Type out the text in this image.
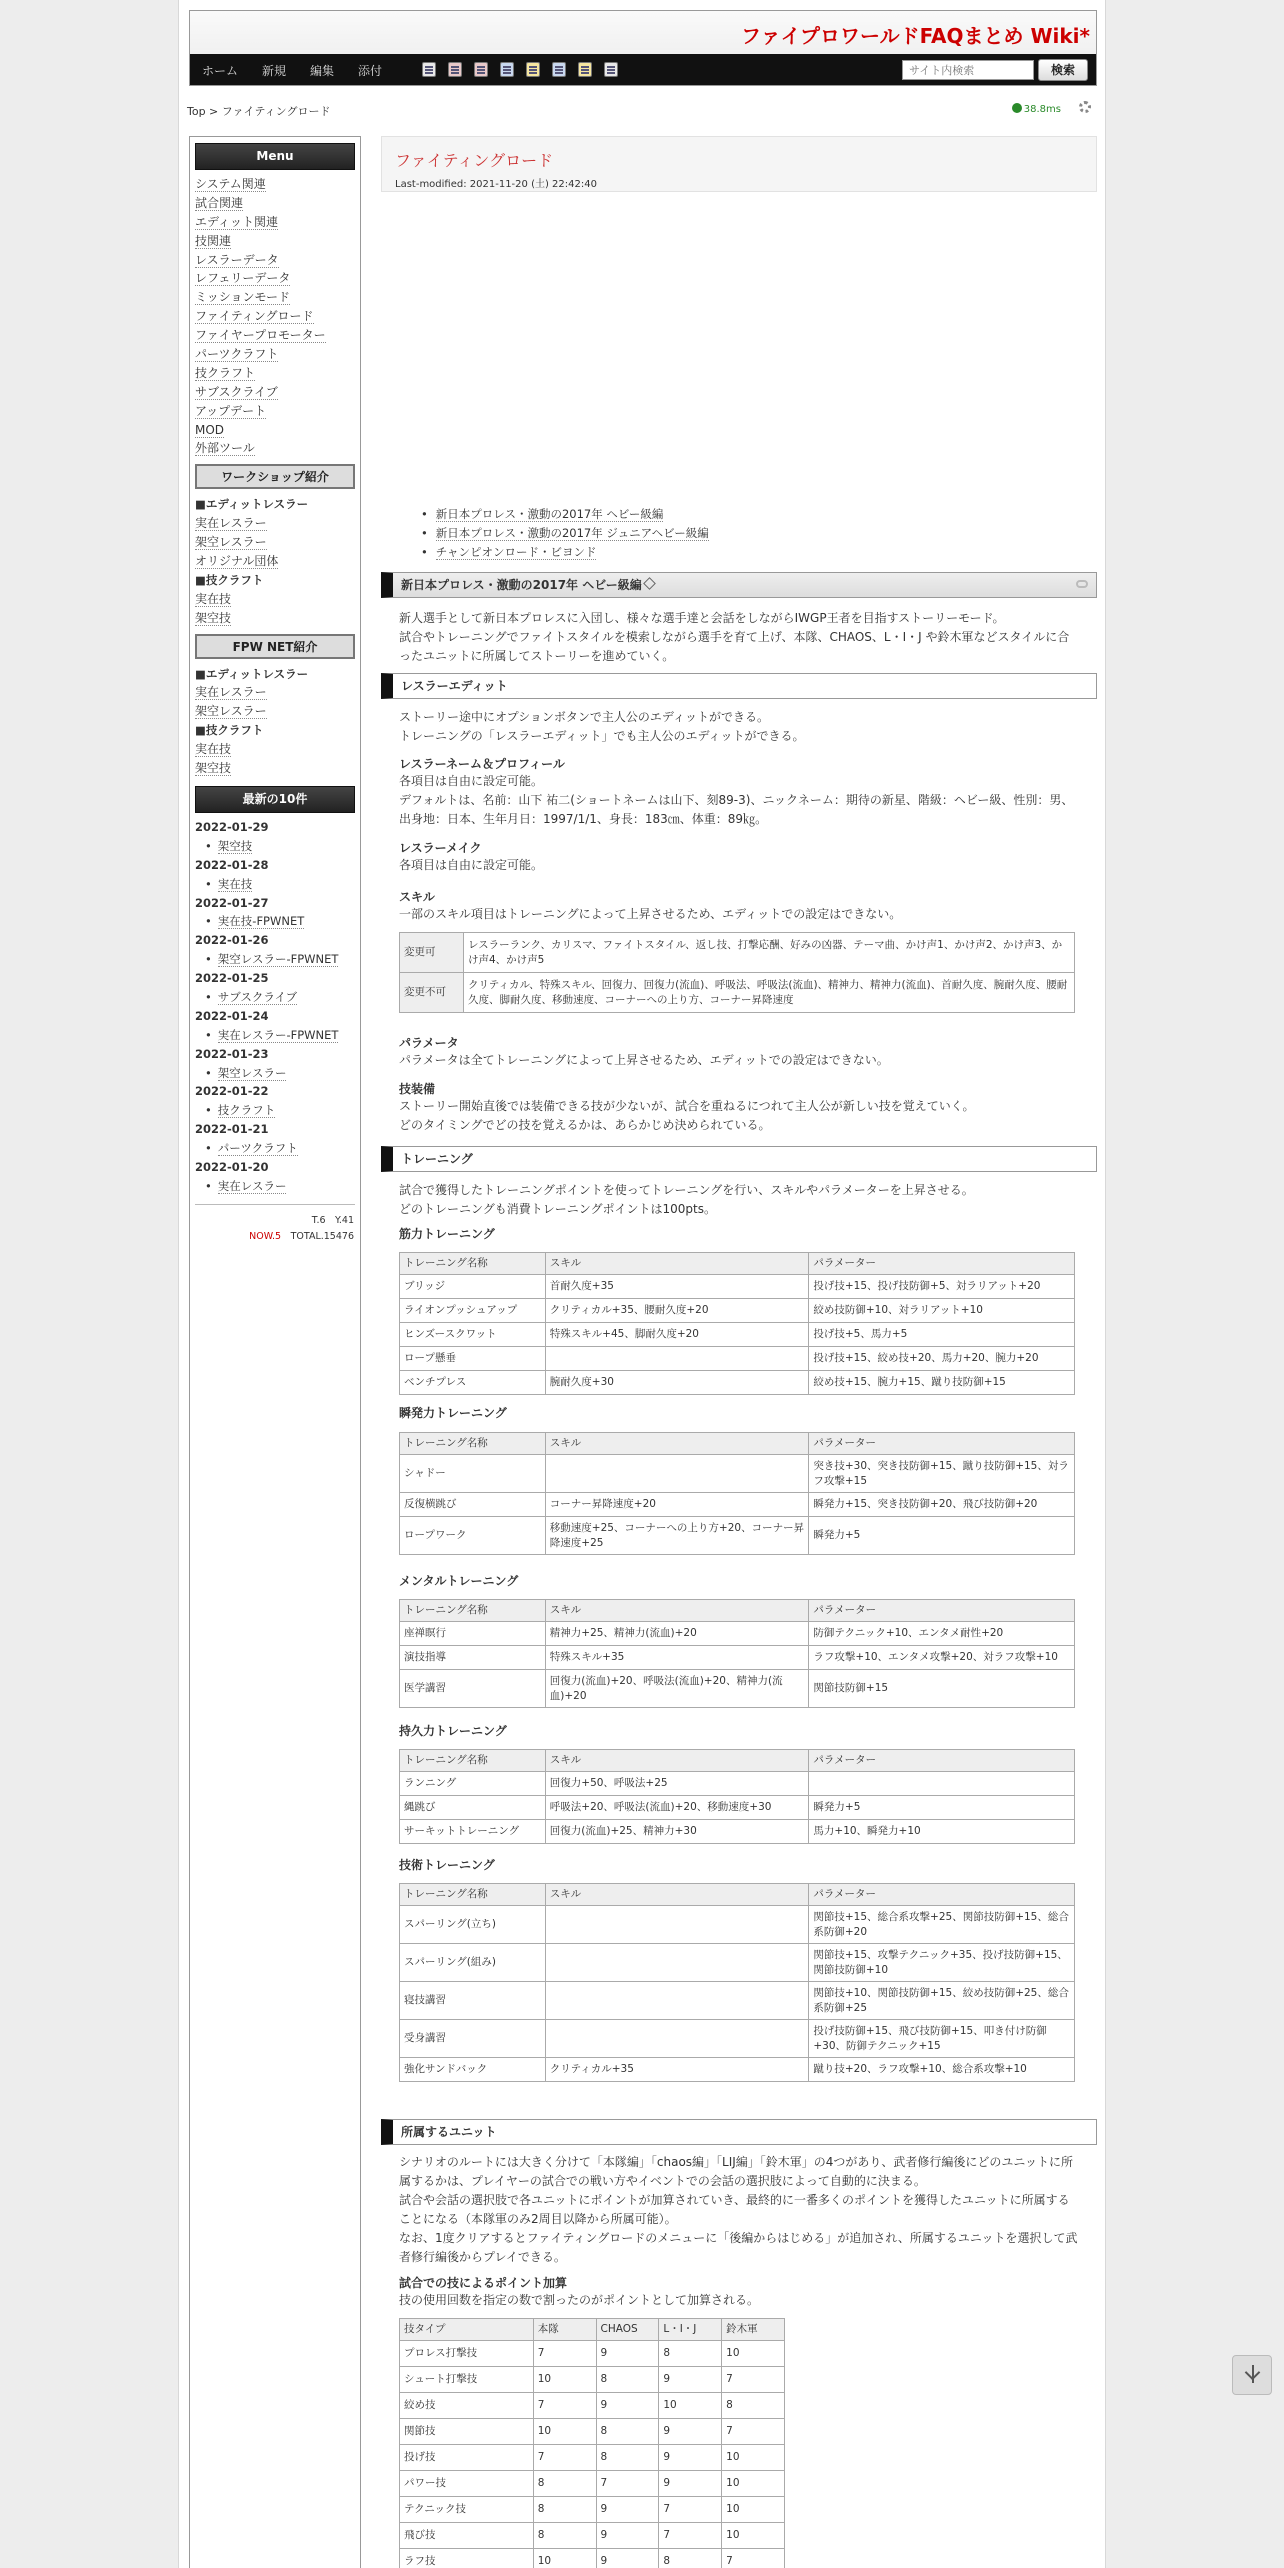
ファイプロワールドFAQまとめ Wiki*
ホーム 新規 編集 添付
サイト内検索	検索
Top > ファイティングロード	38.8ms
Menu
システム関連
試合関連
エディット関連
技関連
レスラーデータ
レフェリーデータ
ミッションモード
ファイティングロード
ファイヤープロモーター
パーツクラフト
技クラフト
サブスクライブ
アップデート
MOD
外部ツール
ワークショップ紹介
■エディットレスラー
実在レスラー
架空レスラー
オリジナル団体
■技クラフト
実在技
架空技
FPW NET紹介
■エディットレスラー
実在レスラー
架空レスラー
■技クラフト
実在技
架空技
最新の10件
2022-01-29
• 架空技
2022-01-28
• 実在技
2022-01-27
• 実在技-FPWNET
2022-01-26
• 架空レスラー-FPWNET
2022-01-25
• サブスクライブ
2022-01-24
• 実在レスラー-FPWNET
2022-01-23
• 架空レスラー
2022-01-22
• 技クラフト
2022-01-21
• パーツクラフト
2022-01-20
• 実在レスラー
T.6　Y.41
NOW.5　 TOTAL.15476
ファイティングロード
Last-modified: 2021-11-20 (土) 22:42:40
• 新日本プロレス・激動の2017年 ヘビー級編
• 新日本プロレス・激動の2017年 ジュニアヘビー級編
• チャンピオンロード・ビヨンド
新日本プロレス・激動の2017年 ヘビー級編
新人選手として新日本プロレスに入団し、様々な選手達と会話をしながらIWGP王者を目指すストーリーモード。
試合やトレーニングでファイトスタイルを模索しながら選手を育て上げ、本隊、CHAOS、L・I・J や鈴木軍などスタイルに合ったユニットに所属してストーリーを進めていく。
レスラーエディット
ストーリー途中にオプションボタンで主人公のエディットができる。
トレーニングの「レスラーエディット」でも主人公のエディットができる。
レスラーネーム＆プロフィール
各項目は自由に設定可能。
デフォルトは、名前：山下 祐二(ショートネームは山下、刻89-3)、ニックネーム：期待の新星、階級：ヘビー級、性別：男、出身地：日本、生年月日：1997/1/1、身長：183㎝、体重：89㎏。
レスラーメイク
各項目は自由に設定可能。
スキル
一部のスキル項目はトレーニングによって上昇させるため、エディットでの設定はできない。
変更可	レスラーランク、カリスマ、ファイトスタイル、返し技、打撃応酬、好みの凶器、テーマ曲、かけ声1、かけ声2、かけ声3、かけ声4、かけ声5
変更不可	クリティカル、特殊スキル、回復力、回復力(流血)、呼吸法、呼吸法(流血)、精神力、精神力(流血)、首耐久度、腕耐久度、腰耐久度、脚耐久度、移動速度、コーナーへの上り方、コーナー昇降速度
パラメータ
パラメータは全てトレーニングによって上昇させるため、エディットでの設定はできない。
技装備
ストーリー開始直後では装備できる技が少ないが、試合を重ねるにつれて主人公が新しい技を覚えていく。
どのタイミングでどの技を覚えるかは、あらかじめ決められている。
トレーニング
試合で獲得したトレーニングポイントを使ってトレーニングを行い、スキルやパラメーターを上昇させる。
どのトレーニングも消費トレーニングポイントは100pts。
筋力トレーニング
トレーニング名称	スキル	パラメーター
ブリッジ	首耐久度+35	投げ技+15、投げ技防御+5、対ラリアット+20
ライオンプッシュアップ	クリティカル+35、腰耐久度+20	絞め技防御+10、対ラリアット+10
ヒンズースクワット	特殊スキル+45、脚耐久度+20	投げ技+5、馬力+5
ロープ懸垂		投げ技+15、絞め技+20、馬力+20、腕力+20
ベンチプレス	腕耐久度+30	絞め技+15、腕力+15、蹴り技防御+15
瞬発力トレーニング
トレーニング名称	スキル	パラメーター
シャドー		突き技+30、突き技防御+15、蹴り技防御+15、対ラフ攻撃+15
反復横跳び	コーナー昇降速度+20	瞬発力+15、突き技防御+20、飛び技防御+20
ロープワーク	移動速度+25、コーナーへの上り方+20、コーナー昇降速度+25	瞬発力+5
メンタルトレーニング
トレーニング名称	スキル	パラメーター
座禅瞑行	精神力+25、精神力(流血)+20	防御テクニック+10、エンタメ耐性+20
演技指導	特殊スキル+35	ラフ攻撃+10、エンタメ攻撃+20、対ラフ攻撃+10
医学講習	回復力(流血)+20、呼吸法(流血)+20、精神力(流血)+20	関節技防御+15
持久力トレーニング
トレーニング名称	スキル	パラメーター
ランニング	回復力+50、呼吸法+25	
縄跳び	呼吸法+20、呼吸法(流血)+20、移動速度+30	瞬発力+5
サーキットトレーニング	回復力(流血)+25、精神力+30	馬力+10、瞬発力+10
技術トレーニング
トレーニング名称	スキル	パラメーター
スパーリング(立ち)		関節技+15、総合系攻撃+25、関節技防御+15、総合系防御+20
スパーリング(組み)		関節技+15、攻撃テクニック+35、投げ技防御+15、関節技防御+10
寝技講習		関節技+10、関節技防御+15、絞め技防御+25、総合系防御+25
受身講習		投げ技防御+15、飛び技防御+15、叩き付け防御+30、防御テクニック+15
強化サンドバック	クリティカル+35	蹴り技+20、ラフ攻撃+10、総合系攻撃+10
所属するユニット
シナリオのルートには大きく分けて「本隊編」「chaos編」「LIJ編」「鈴木軍」の4つがあり、武者修行編後にどのユニットに所属するかは、プレイヤーの試合での戦い方やイベントでの会話の選択肢によって自動的に決まる。
試合や会話の選択肢で各ユニットにポイントが加算されていき、最終的に一番多くのポイントを獲得したユニットに所属することになる（本隊軍のみ2周目以降から所属可能）。
なお、1度クリアするとファイティングロードのメニューに「後編からはじめる」が追加され、所属するユニットを選択して武者修行編後からプレイできる。
試合での技によるポイント加算
技の使用回数を指定の数で割ったのがポイントとして加算される。
技タイプ	本隊	CHAOS	L・I・J	鈴木軍
プロレス打撃技	7	9	8	10
シュート打撃技	10	8	9	7
絞め技	7	9	10	8
関節技	10	8	9	7
投げ技	7	8	9	10
パワー技	8	7	9	10
テクニック技	8	9	7	10
飛び技	8	9	7	10
ラフ技	10	9	8	7
